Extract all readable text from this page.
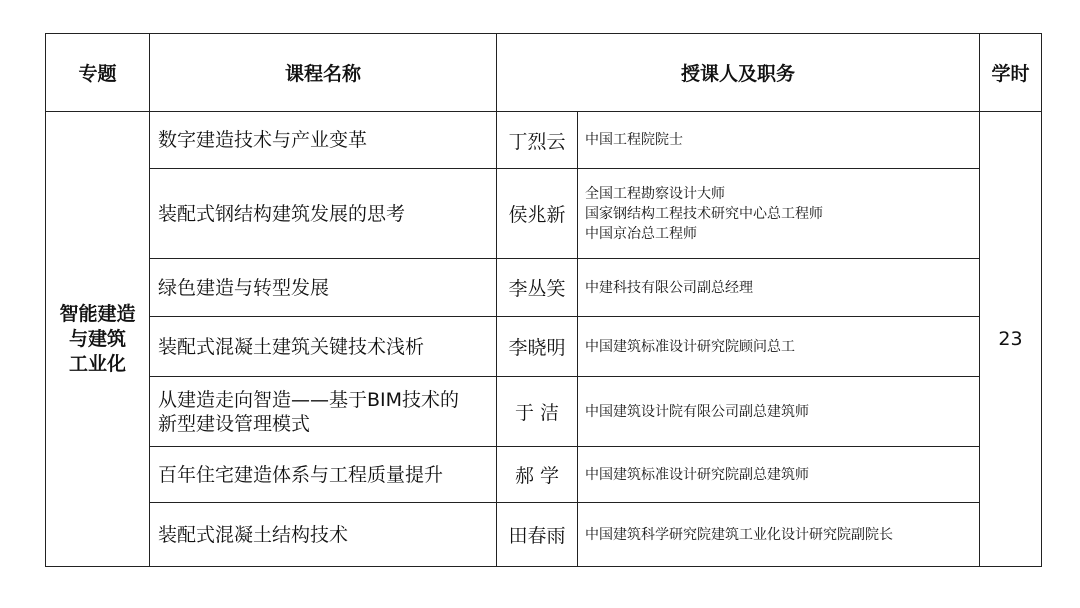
专题	课程名称	授课人及职务		学时

智能建造
与建筑
工业化	数字建造技术与产业变革	丁烈云	中国工程院院士	23

	装配式钢结构建筑发展的思考	侯兆新	全国工程勘察设计大师
国家钢结构工程技术研究中心总工程师
中国京冶总工程师	

	绿色建造与转型发展	李丛笑	中建科技有限公司副总经理	

	装配式混凝土建筑关键技术浅析	李晓明	中国建筑标准设计研究院顾问总工	

	从建造走向智造——基于BIM技术的
新型建设管理模式	于 洁	中国建筑设计院有限公司副总建筑师	

	百年住宅建造体系与工程质量提升	郝 学	中国建筑标准设计研究院副总建筑师	

	装配式混凝土结构技术	田春雨	中国建筑科学研究院建筑工业化设计研究院副院长	
